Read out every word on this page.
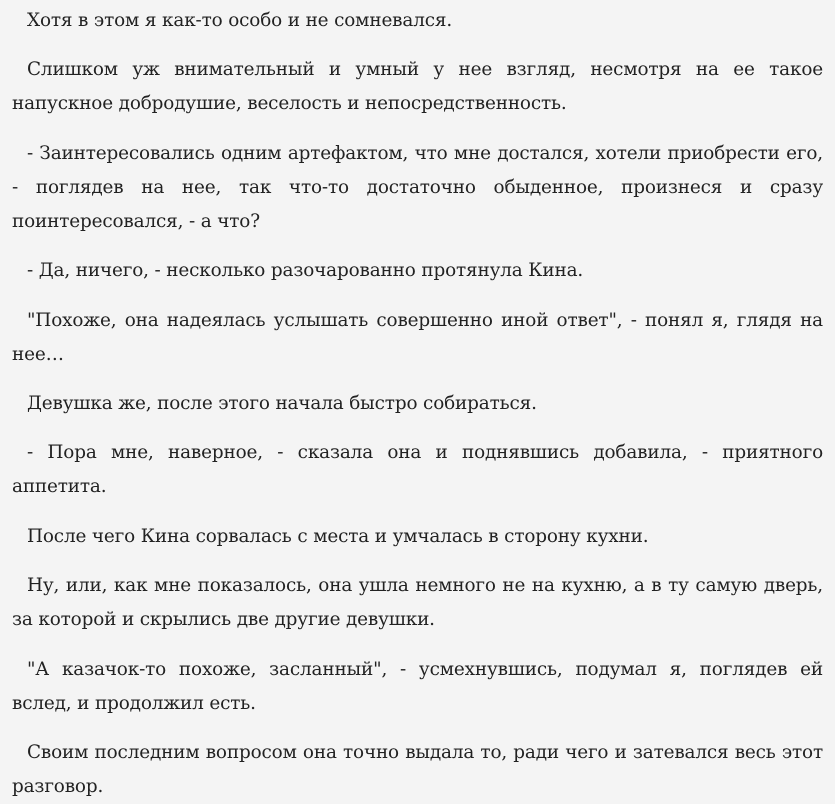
Хотя в этом я как-то особо и не сомневался.

Слишком уж внимательный и умный у нее взгляд, несмотря на ее такое напускное добродушие, веселость и непосредственность.

- Заинтересовались одним артефактом, что мне достался, хотели приобрести его, - поглядев на нее, так что-то достаточно обыденное, произнеся и сразу поинтересовался, - а что?

- Да, ничего, - несколько разочарованно протянула Кина.

"Похоже, она надеялась услышать совершенно иной ответ", - понял я, глядя на нее…

Девушка же, после этого начала быстро собираться.

- Пора мне, наверное, - сказала она и поднявшись добавила, - приятного аппетита.

После чего Кина сорвалась с места и умчалась в сторону кухни.

Ну, или, как мне показалось, она ушла немного не на кухню, а в ту самую дверь, за которой и скрылись две другие девушки.

"А казачок-то похоже, засланный", - усмехнувшись, подумал я, поглядев ей вслед, и продолжил есть.

Своим последним вопросом она точно выдала то, ради чего и затевался весь этот разговор.
